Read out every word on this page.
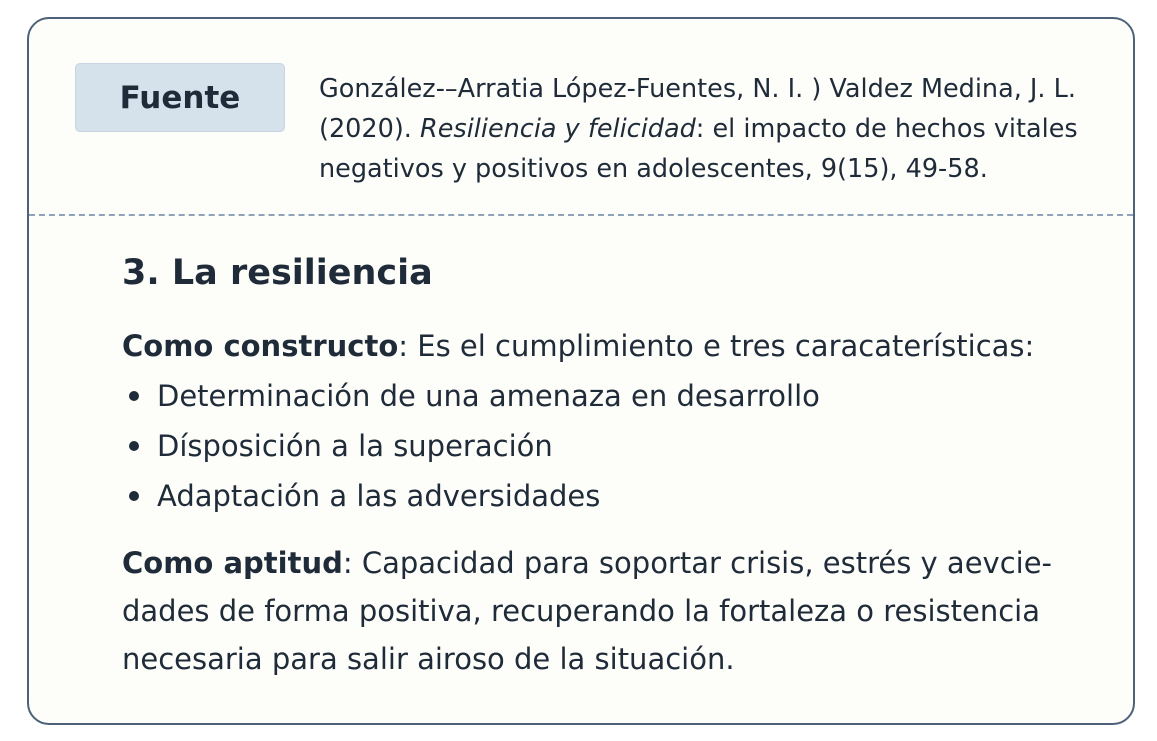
Fuente	González-–Arratia López-Fuentes, N. I. ) Valdez Medina, J. L. (2020). Resiliencia y felicidad: el impacto de hechos vitales negativos y positivos en adolescentes, 9(15), 49-58.
3. La resiliencia
Como constructo: Es el cumplimiento e tres caracaterísticas:
Determinación de una amenaza en desarrollo
Dísposición a la superación
Adaptación a las adversidades
Como aptitud: Capacidad para soportar crisis, estrés y aevcie-dades de forma positiva, recuperando la fortaleza o resistencia necesaria para salir airoso de la situación.
